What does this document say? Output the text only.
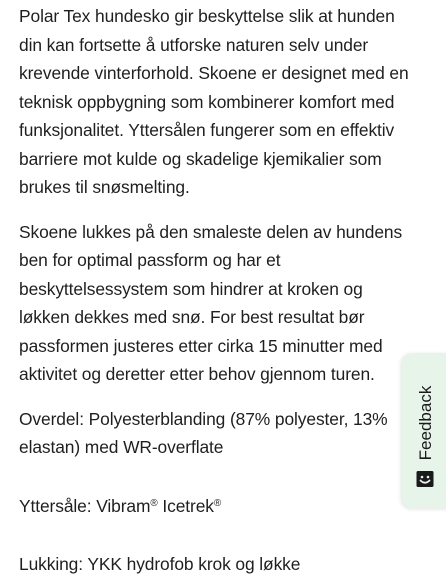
Polar Tex hundesko gir beskyttelse slik at hunden din kan fortsette å utforske naturen selv under krevende vinterforhold. Skoene er designet med en teknisk oppbygning som kombinerer komfort med funksjonalitet. Yttersålen fungerer som en effektiv barriere mot kulde og skadelige kjemikalier som brukes til snøsmelting.

Skoene lukkes på den smaleste delen av hundens ben for optimal passform og har et beskyttelsessystem som hindrer at kroken og løkken dekkes med snø. For best resultat bør passformen justeres etter cirka 15 minutter med aktivitet og deretter etter behov gjennom turen.

Overdel: Polyesterblanding (87% polyester, 13% elastan) med WR-overflate

Yttersåle: Vibram® Icetrek®

Lukking: YKK hydrofob krok og løkke

Feedback
